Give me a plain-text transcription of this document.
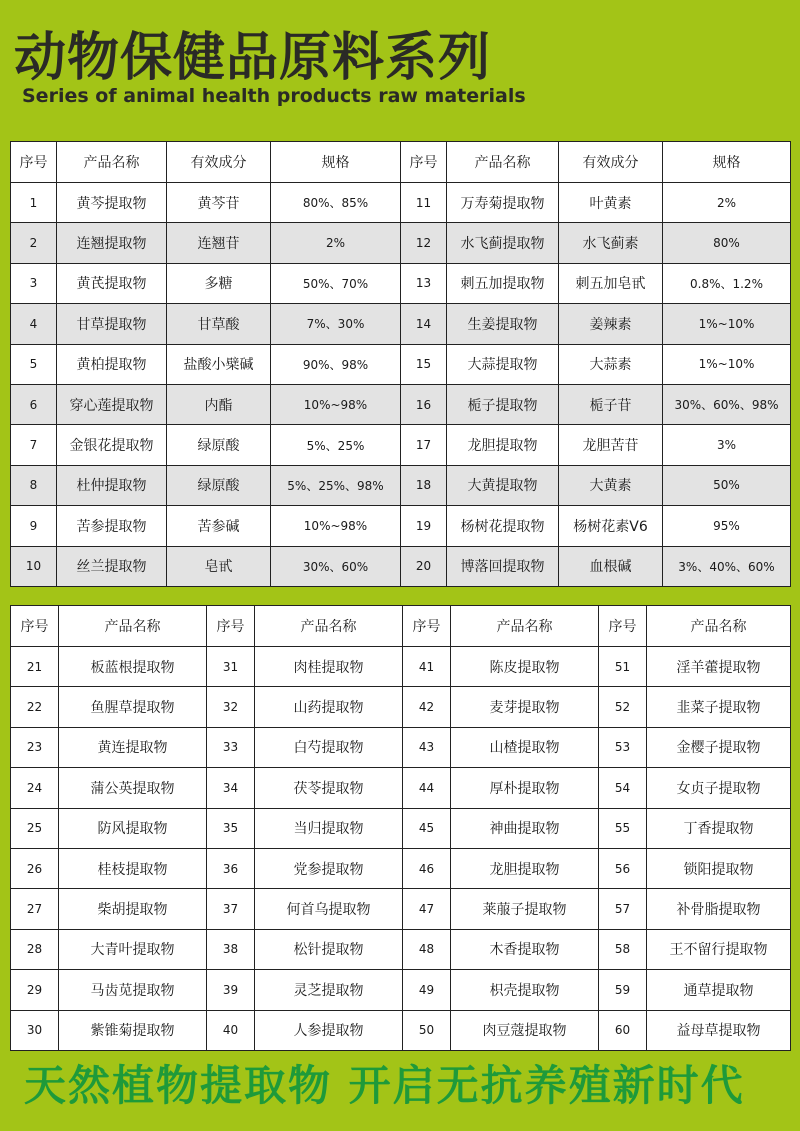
动物保健品原料系列

Series of animal health products raw materials

序号	产品名称	有效成分	规格	序号	产品名称	有效成分	规格
1	黄芩提取物	黄芩苷	80%、85%	11	万寿菊提取物	叶黄素	2%
2	连翘提取物	连翘苷	2%	12	水飞蓟提取物	水飞蓟素	80%
3	黄芪提取物	多糖	50%、70%	13	刺五加提取物	刺五加皂甙	0.8%、1.2%
4	甘草提取物	甘草酸	7%、30%	14	生姜提取物	姜辣素	1%~10%
5	黄柏提取物	盐酸小檗碱	90%、98%	15	大蒜提取物	大蒜素	1%~10%
6	穿心莲提取物	内酯	10%~98%	16	栀子提取物	栀子苷	30%、60%、98%
7	金银花提取物	绿原酸	5%、25%	17	龙胆提取物	龙胆苦苷	3%
8	杜仲提取物	绿原酸	5%、25%、98%	18	大黄提取物	大黄素	50%
9	苦参提取物	苦参碱	10%~98%	19	杨树花提取物	杨树花素V6	95%
10	丝兰提取物	皂甙	30%、60%	20	博落回提取物	血根碱	3%、40%、60%
序号	产品名称	序号	产品名称	序号	产品名称	序号	产品名称
21	板蓝根提取物	31	肉桂提取物	41	陈皮提取物	51	淫羊藿提取物
22	鱼腥草提取物	32	山药提取物	42	麦芽提取物	52	韭菜子提取物
23	黄连提取物	33	白芍提取物	43	山楂提取物	53	金樱子提取物
24	蒲公英提取物	34	茯苓提取物	44	厚朴提取物	54	女贞子提取物
25	防风提取物	35	当归提取物	45	神曲提取物	55	丁香提取物
26	桂枝提取物	36	党参提取物	46	龙胆提取物	56	锁阳提取物
27	柴胡提取物	37	何首乌提取物	47	莱菔子提取物	57	补骨脂提取物
28	大青叶提取物	38	松针提取物	48	木香提取物	58	王不留行提取物
29	马齿苋提取物	39	灵芝提取物	49	枳壳提取物	59	通草提取物
30	紫锥菊提取物	40	人参提取物	50	肉豆蔻提取物	60	益母草提取物

天然植物提取物 开启无抗养殖新时代
